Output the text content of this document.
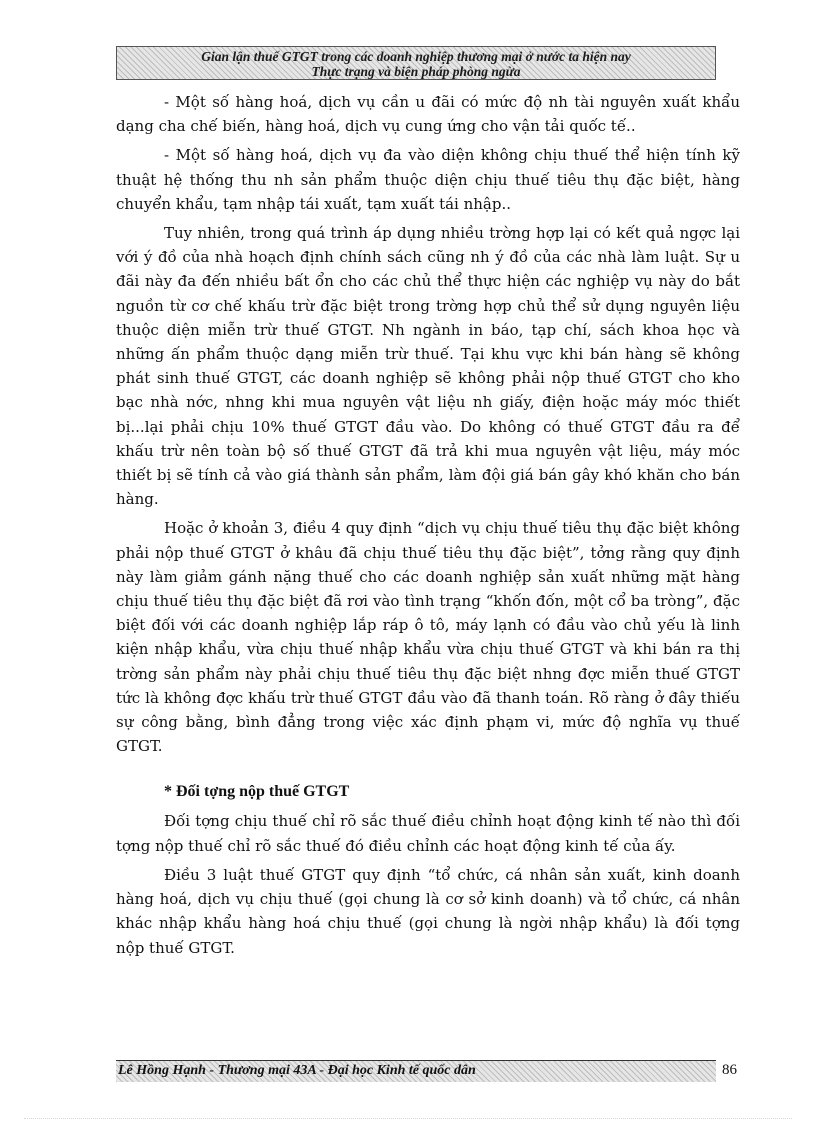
Gian lận thuế GTGT trong các doanh nghiệp thương mại ở nước ta hiện nay
Thực trạng và biện pháp phòng ngừa

- Một số hàng hoá, dịch vụ cần u đãi có mức độ nh tài nguyên xuất khẩu dạng cha chế biến, hàng hoá, dịch vụ cung ứng cho vận tải quốc tế..

- Một số hàng hoá, dịch vụ đa vào diện không chịu thuế thể hiện tính kỹ thuật hệ thống thu nh sản phẩm thuộc diện chịu thuế tiêu thụ đặc biệt, hàng chuyển khẩu, tạm nhập tái xuất, tạm xuất tái nhập..

Tuy nhiên, trong quá trình áp dụng nhiều trờng hợp lại có kết quả ngợc lại với ý đồ của nhà hoạch định chính sách cũng nh ý đồ của các nhà làm luật. Sự u đãi này đa đến nhiều bất ổn cho các chủ thể thực hiện các nghiệp vụ này do bắt nguồn từ cơ chế khấu trừ đặc biệt trong trờng hợp chủ thể sử dụng nguyên liệu thuộc diện miễn trừ thuế GTGT. Nh ngành in báo, tạp chí, sách khoa học và những ấn phẩm thuộc dạng miễn trừ thuế. Tại khu vực khi bán hàng sẽ không phát sinh thuế GTGT, các doanh nghiệp sẽ không phải nộp thuế GTGT cho kho bạc nhà nớc, nhng khi mua nguyên vật liệu nh giấy, điện hoặc máy móc thiết bị...lại phải chịu 10% thuế GTGT đầu vào. Do không có thuế GTGT đầu ra để khấu trừ nên toàn bộ số thuế GTGT đã trả khi mua nguyên vật liệu, máy móc thiết bị sẽ tính cả vào giá thành sản phẩm, làm đội giá bán gây khó khăn cho bán hàng.

Hoặc ở khoản 3, điều 4 quy định “dịch vụ chịu thuế tiêu thụ đặc biệt không phải nộp thuế GTGT ở khâu đã chịu thuế tiêu thụ đặc biệt”, tởng rằng quy định này làm giảm gánh nặng thuế cho các doanh nghiệp sản xuất những mặt hàng chịu thuế tiêu thụ đặc biệt đã rơi vào tình trạng “khốn đốn, một cổ ba tròng”, đặc biệt đối với các doanh nghiệp lắp ráp ô tô, máy lạnh có đầu vào chủ yếu là linh kiện nhập khẩu, vừa chịu thuế nhập khẩu vừa chịu thuế GTGT và khi bán ra thị trờng sản phẩm này phải chịu thuế tiêu thụ đặc biệt nhng đợc miễn thuế GTGT tức là không đợc khấu trừ thuế GTGT đầu vào đã thanh toán. Rõ ràng ở đây thiếu sự công bằng, bình đẳng trong việc xác định phạm vi, mức độ nghĩa vụ thuế GTGT.

* Đối tợng nộp thuế GTGT

Đối tợng chịu thuế chỉ rõ sắc thuế điều chỉnh hoạt động kinh tế nào thì đối tợng nộp thuế chỉ rõ sắc thuế đó điều chỉnh các hoạt động kinh tế của ấy.

Điều 3 luật thuế GTGT quy định “tổ chức, cá nhân sản xuất, kinh doanh hàng hoá, dịch vụ chịu thuế (gọi chung là cơ sở kinh doanh) và tổ chức, cá nhân khác nhập khẩu hàng hoá chịu thuế (gọi chung là ngời nhập khẩu) là đối tợng nộp thuế GTGT.

Lê Hồng Hạnh - Thương mại 43A - Đại học Kinh tế quốc dân	86
